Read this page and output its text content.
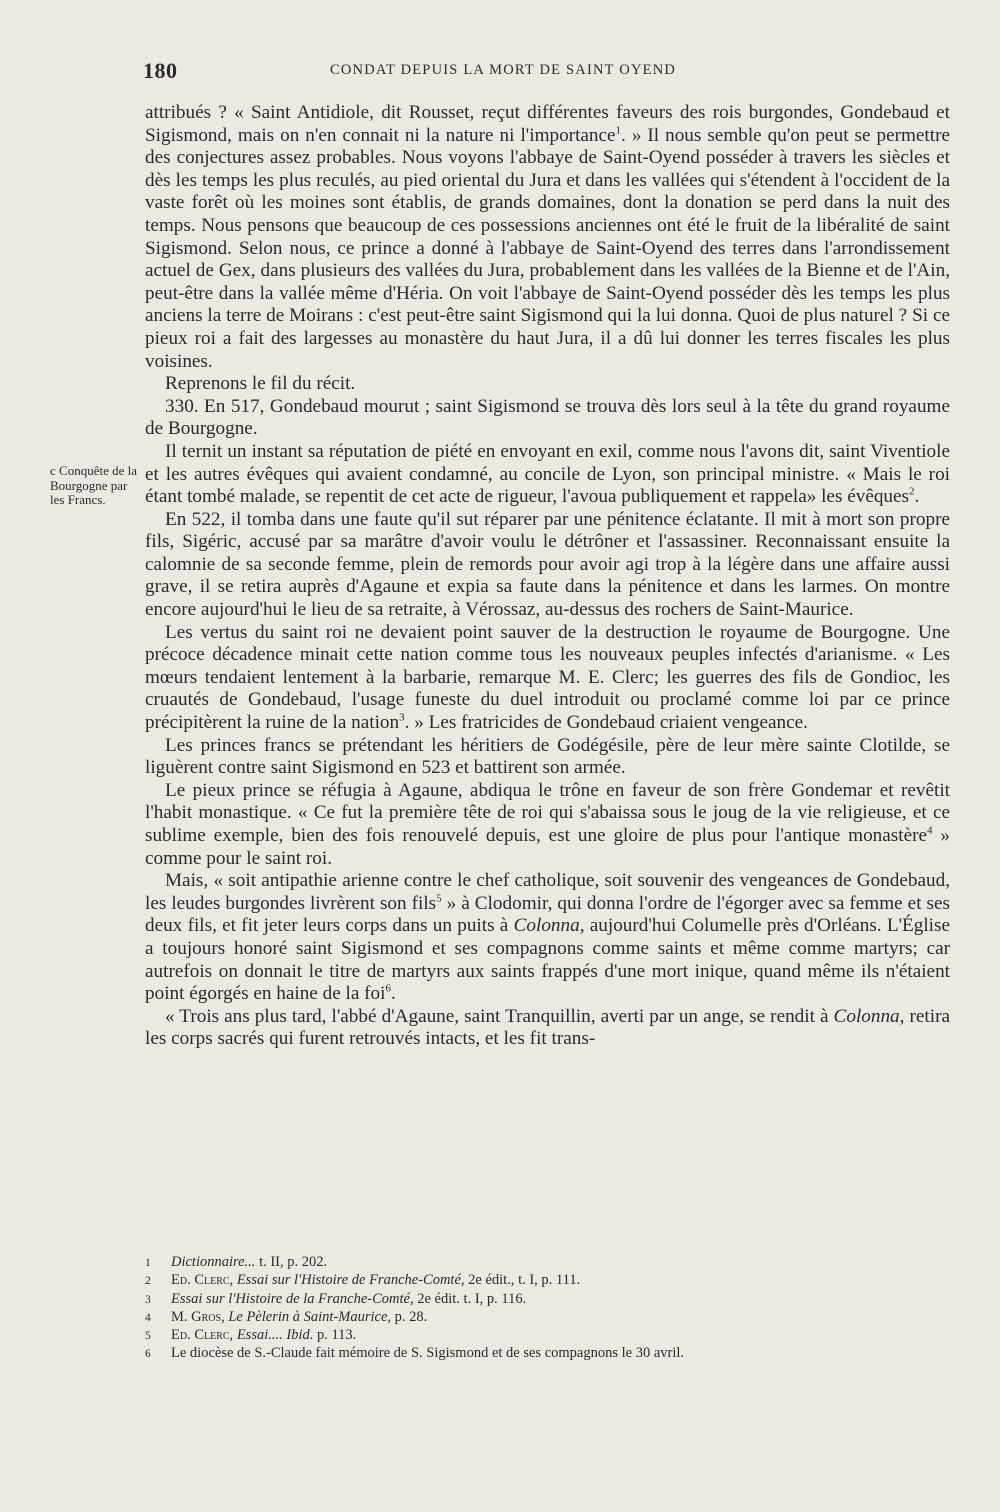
180	CONDAT DEPUIS LA MORT DE SAINT OYEND
c Conquête de la Bourgogne par les Francs.

attribués ? « Saint Antidiole, dit Rousset, reçut différentes faveurs des rois burgondes, Gondebaud et Sigismond, mais on n'en connait ni la nature ni l'importance$^1$. » Il nous semble qu'on peut se permettre des conjectures assez probables. Nous voyons l'abbaye de Saint-Oyend posséder à travers les siècles et dès les temps les plus reculés, au pied oriental du Jura et dans les vallées qui s'étendent à l'occident de la vaste forêt où les moines sont établis, de grands domaines, dont la donation se perd dans la nuit des temps. Nous pensons que beaucoup de ces possessions anciennes ont été le fruit de la libéralité de saint Sigismond. Selon nous, ce prince a donné à l'abbaye de Saint-Oyend des terres dans l'arrondissement actuel de Gex, dans plusieurs des vallées du Jura, probablement dans les vallées de la Bienne et de l'Ain, peut-être dans la vallée même d'Héria. On voit l'abbaye de Saint-Oyend posséder dès les temps les plus anciens la terre de Moirans : c'est peut-être saint Sigismond qui la lui donna. Quoi de plus naturel ? Si ce pieux roi a fait des largesses au monastère du haut Jura, il a dû lui donner les terres fiscales les plus voisines.

Reprenons le fil du récit.

330. En 517, Gondebaud mourut ; saint Sigismond se trouva dès lors seul à la tête du grand royaume de Bourgogne.

Il ternit un instant sa réputation de piété en envoyant en exil, comme nous l'avons dit, saint Viventiole et les autres évêques qui avaient condamné, au concile de Lyon, son principal ministre. « Mais le roi étant tombé malade, se repentit de cet acte de rigueur, l'avoua publiquement et rappela» les évêques$^2$.

En 522, il tomba dans une faute qu'il sut réparer par une pénitence éclatante. Il mit à mort son propre fils, Sigéric, accusé par sa marâtre d'avoir voulu le détrôner et l'assassiner. Reconnaissant ensuite la calomnie de sa seconde femme, plein de remords pour avoir agi trop à la légère dans une affaire aussi grave, il se retira auprès d'Agaune et expia sa faute dans la pénitence et dans les larmes. On montre encore aujourd'hui le lieu de sa retraite, à Vérossaz, au-dessus des rochers de Saint-Maurice.

Les vertus du saint roi ne devaient point sauver de la destruction le royaume de Bourgogne. Une précoce décadence minait cette nation comme tous les nouveaux peuples infectés d'arianisme. « Les mœurs tendaient lentement à la barbarie, remarque M. E. Clerc; les guerres des fils de Gondioc, les cruautés de Gondebaud, l'usage funeste du duel introduit ou proclamé comme loi par ce prince précipitèrent la ruine de la nation$^3$. » Les fratricides de Gondebaud criaient vengeance.

Les princes francs se prétendant les héritiers de Godégésile, père de leur mère sainte Clotilde, se liguèrent contre saint Sigismond en 523 et battirent son armée.

Le pieux prince se réfugia à Agaune, abdiqua le trône en faveur de son frère Gondemar et revêtit l'habit monastique. « Ce fut la première tête de roi qui s'abaissa sous le joug de la vie religieuse, et ce sublime exemple, bien des fois renouvelé depuis, est une gloire de plus pour l'antique monastère$^4$ » comme pour le saint roi.

Mais, « soit antipathie arienne contre le chef catholique, soit souvenir des vengeances de Gondebaud, les leudes burgondes livrèrent son fils$^5$ » à Clodomir, qui donna l'ordre de l'égorger avec sa femme et ses deux fils, et fit jeter leurs corps dans un puits à Colonna, aujourd'hui Columelle près d'Orléans. L'Église a toujours honoré saint Sigismond et ses compagnons comme saints et même comme martyrs; car autrefois on donnait le titre de martyrs aux saints frappés d'une mort inique, quand même ils n'étaient point égorgés en haine de la foi$^6$.

« Trois ans plus tard, l'abbé d'Agaune, saint Tranquillin, averti par un ange, se rendit à Colonna, retira les corps sacrés qui furent retrouvés intacts, et les fit trans-

1 Dictionnaire... t. II, p. 202.
2 Ed. Clerc, Essai sur l'Histoire de Franche-Comté, 2e édit., t. I, p. 111.
3 Essai sur l'Histoire de la Franche-Comté, 2e édit. t. I, p. 116.
4 M. Gros, Le Pèlerin à Saint-Maurice, p. 28.
5 Ed. Clerc, Essai.... Ibid. p. 113.
6 Le diocèse de S.-Claude fait mémoire de S. Sigismond et de ses compagnons le 30 avril.
